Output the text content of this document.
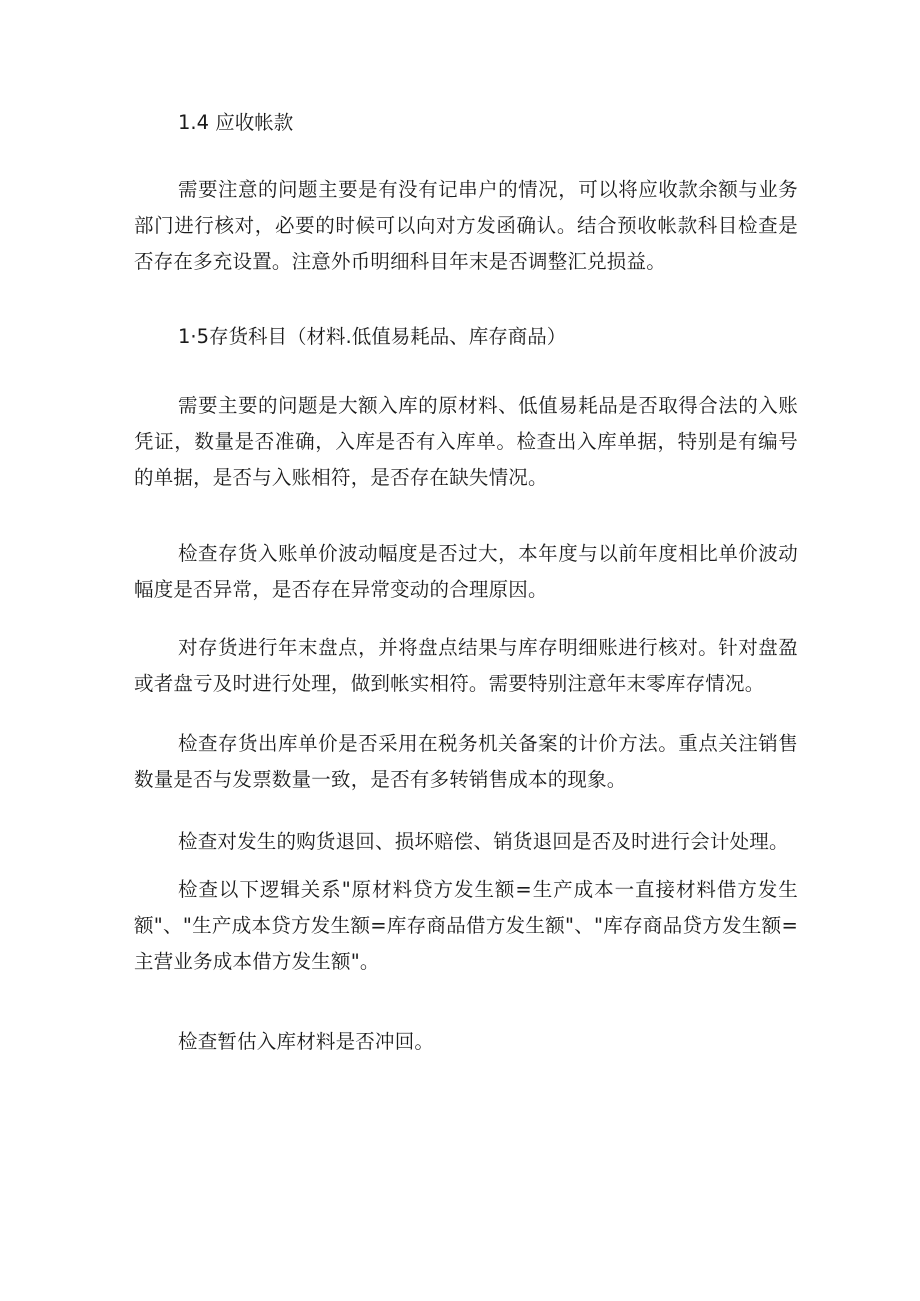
1.4 应收帐款

需要注意的问题主要是有没有记串户的情况，可以将应收款余额与业务部门进行核对，必要的时候可以向对方发函确认。结合预收帐款科目检查是否存在多充设置。注意外币明细科目年末是否调整汇兑损益。

1·5存货科目（材料.低值易耗品、库存商品）

需要主要的问题是大额入库的原材料、低值易耗品是否取得合法的入账凭证，数量是否准确，入库是否有入库单。检查出入库单据，特别是有编号的单据，是否与入账相符，是否存在缺失情况。

检查存货入账单价波动幅度是否过大，本年度与以前年度相比单价波动幅度是否异常，是否存在异常变动的合理原因。

对存货进行年末盘点，并将盘点结果与库存明细账进行核对。针对盘盈或者盘亏及时进行处理，做到帐实相符。需要特别注意年末零库存情况。

检查存货出库单价是否采用在税务机关备案的计价方法。重点关注销售数量是否与发票数量一致，是否有多转销售成本的现象。

检查对发生的购货退回、损坏赔偿、销货退回是否及时进行会计处理。

检查以下逻辑关系"原材料贷方发生额=生产成本一直接材料借方发生额"、"生产成本贷方发生额=库存商品借方发生额"、"库存商品贷方发生额=主营业务成本借方发生额"。

检查暂估入库材料是否冲回。
